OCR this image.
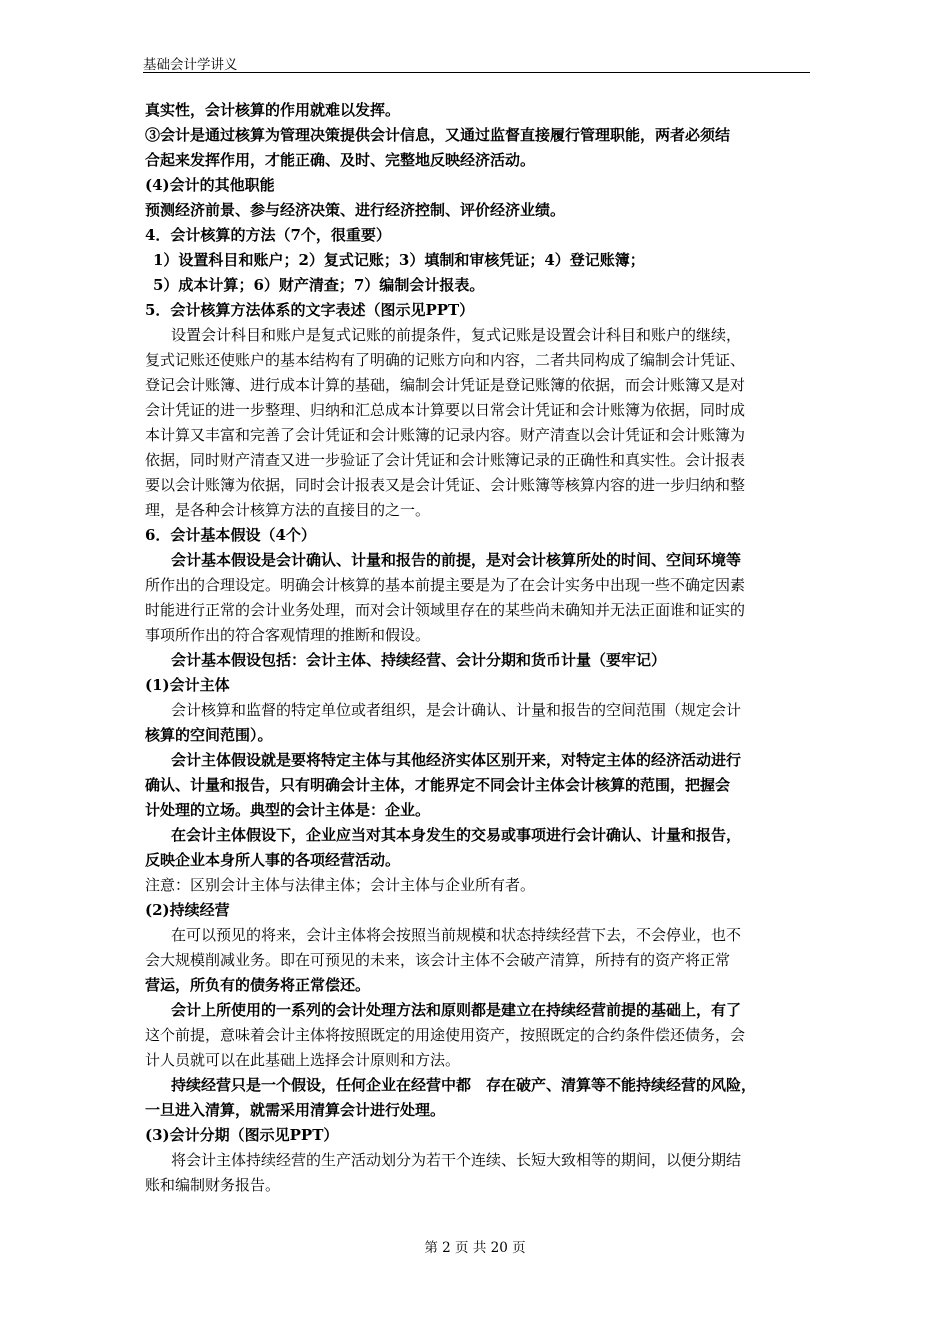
基础会计学讲义
真实性，会计核算的作用就难以发挥。
③会计是通过核算为管理决策提供会计信息，又通过监督直接履行管理职能，两者必须结
合起来发挥作用，才能正确、及时、完整地反映经济活动。
(4)会计的其他职能
预测经济前景、参与经济决策、进行经济控制、评价经济业绩。
4．会计核算的方法（7个，很重要）
1）设置科目和账户；2）复式记账；3）填制和审核凭证；4）登记账簿；
5）成本计算；6）财产清查；7）编制会计报表。
5．会计核算方法体系的文字表述（图示见PPT）
设置会计科目和账户是复式记账的前提条件，复式记账是设置会计科目和账户的继续，
复式记账还使账户的基本结构有了明确的记账方向和内容，二者共同构成了编制会计凭证、
登记会计账簿、进行成本计算的基础，编制会计凭证是登记账簿的依据，而会计账簿又是对
会计凭证的进一步整理、归纳和汇总成本计算要以日常会计凭证和会计账簿为依据，同时成
本计算又丰富和完善了会计凭证和会计账簿的记录内容。财产清查以会计凭证和会计账簿为
依据，同时财产清查又进一步验证了会计凭证和会计账簿记录的正确性和真实性。会计报表
要以会计账簿为依据，同时会计报表又是会计凭证、会计账簿等核算内容的进一步归纳和整
理，是各种会计核算方法的直接目的之一。
6．会计基本假设（4个）
会计基本假设是会计确认、计量和报告的前提，是对会计核算所处的时间、空间环境等
所作出的合理设定。明确会计核算的基本前提主要是为了在会计实务中出现一些不确定因素
时能进行正常的会计业务处理，而对会计领域里存在的某些尚未确知并无法正面谁和证实的
事项所作出的符合客观情理的推断和假设。
会计基本假设包括：会计主体、持续经营、会计分期和货币计量（要牢记）
(1)会计主体
会计核算和监督的特定单位或者组织，是会计确认、计量和报告的空间范围（规定会计
核算的空间范围）。
会计主体假设就是要将特定主体与其他经济实体区别开来，对特定主体的经济活动进行
确认、计量和报告，只有明确会计主体，才能界定不同会计主体会计核算的范围，把握会
计处理的立场。典型的会计主体是：企业。
在会计主体假设下，企业应当对其本身发生的交易或事项进行会计确认、计量和报告，
反映企业本身所人事的各项经营活动。
注意：区别会计主体与法律主体；会计主体与企业所有者。
(2)持续经营
在可以预见的将来，会计主体将会按照当前规模和状态持续经营下去，不会停业，也不
会大规模削减业务。即在可预见的未来，该会计主体不会破产清算，所持有的资产将正常
营运，所负有的债务将正常偿还。
会计上所使用的一系列的会计处理方法和原则都是建立在持续经营前提的基础上，有了
这个前提，意味着会计主体将按照既定的用途使用资产，按照既定的合约条件偿还债务，会
计人员就可以在此基础上选择会计原则和方法。
持续经营只是一个假设，任何企业在经营中都　存在破产、清算等不能持续经营的风险，
一旦进入清算，就需采用清算会计进行处理。
(3)会计分期（图示见PPT）
将会计主体持续经营的生产活动划分为若干个连续、长短大致相等的期间，以便分期结
账和编制财务报告。
第 2 页 共 20 页
